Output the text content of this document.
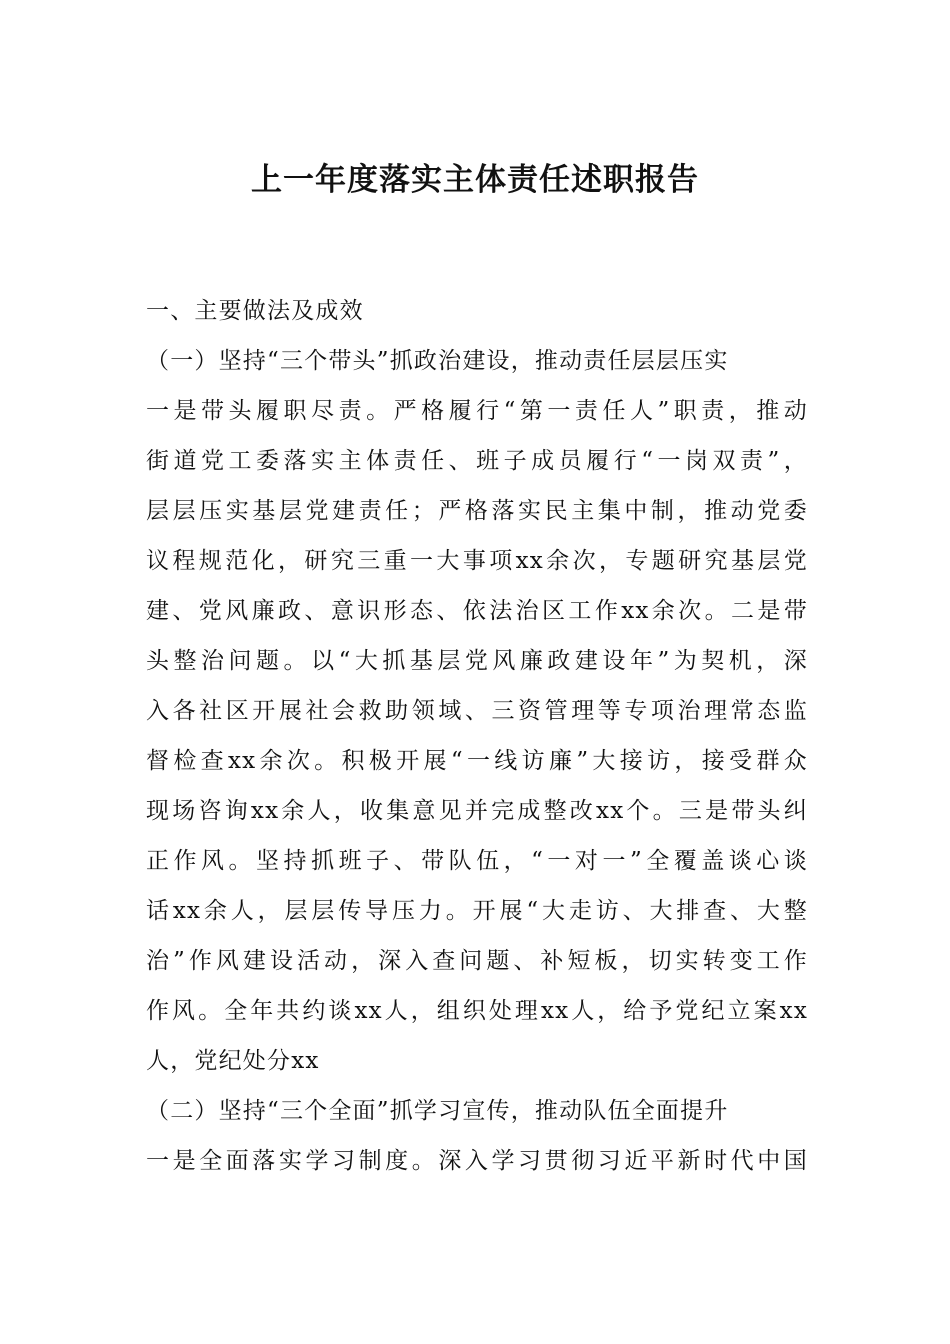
上一年度落实主体责任述职报告
一、主要做法及成效
（一）坚持“三个带头”抓政治建设，推动责任层层压实
一是带头履职尽责。严格履行“第一责任人”职责，推动
街道党工委落实主体责任、班子成员履行“一岗双责”，
层层压实基层党建责任；严格落实民主集中制，推动党委
议程规范化，研究三重一大事项xx余次，专题研究基层党
建、党风廉政、意识形态、依法治区工作xx余次。二是带
头整治问题。以“大抓基层党风廉政建设年”为契机，深
入各社区开展社会救助领域、三资管理等专项治理常态监
督检查xx余次。积极开展“一线访廉”大接访，接受群众
现场咨询xx余人，收集意见并完成整改xx个。三是带头纠
正作风。坚持抓班子、带队伍，“一对一”全覆盖谈心谈
话xx余人，层层传导压力。开展“大走访、大排查、大整
治”作风建设活动，深入查问题、补短板，切实转变工作
作风。全年共约谈xx人，组织处理xx人，给予党纪立案xx
人，党纪处分xx
（二）坚持“三个全面”抓学习宣传，推动队伍全面提升
一是全面落实学习制度。深入学习贯彻习近平新时代中国
